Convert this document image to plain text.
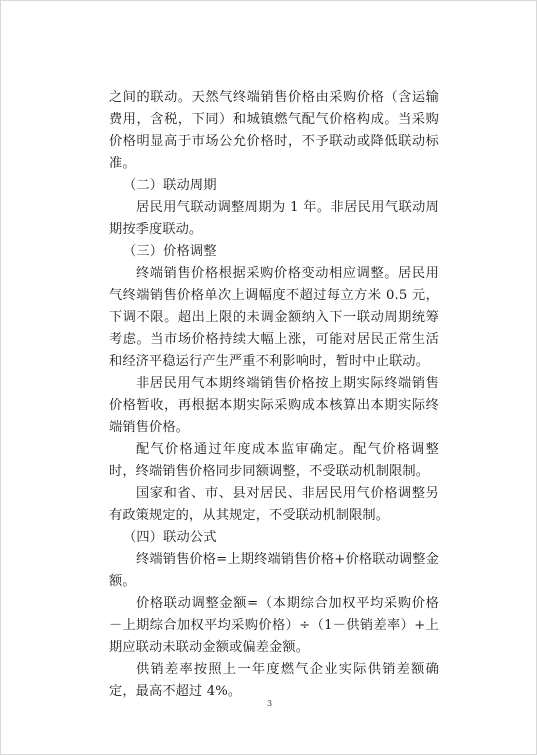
之间的联动。天然气终端销售价格由采购价格（含运输费用，含税，下同）和城镇燃气配气价格构成。当采购价格明显高于市场公允价格时，不予联动或降低联动标准。

（二）联动周期

居民用气联动调整周期为 1 年。非居民用气联动周期按季度联动。

（三）价格调整

终端销售价格根据采购价格变动相应调整。居民用气终端销售价格单次上调幅度不超过每立方米 0.5 元，下调不限。超出上限的未调金额纳入下一联动周期统筹考虑。当市场价格持续大幅上涨，可能对居民正常生活和经济平稳运行产生严重不利影响时，暂时中止联动。

非居民用气本期终端销售价格按上期实际终端销售价格暂收，再根据本期实际采购成本核算出本期实际终端销售价格。

配气价格通过年度成本监审确定。配气价格调整时，终端销售价格同步同额调整，不受联动机制限制。

国家和省、市、县对居民、非居民用气价格调整另有政策规定的，从其规定，不受联动机制限制。

（四）联动公式

终端销售价格=上期终端销售价格+价格联动调整金额。

价格联动调整金额=（本期综合加权平均采购价格－上期综合加权平均采购价格）÷（1－供销差率）+上期应联动未联动金额或偏差金额。

供销差率按照上一年度燃气企业实际供销差额确定，最高不超过 4%。

3
